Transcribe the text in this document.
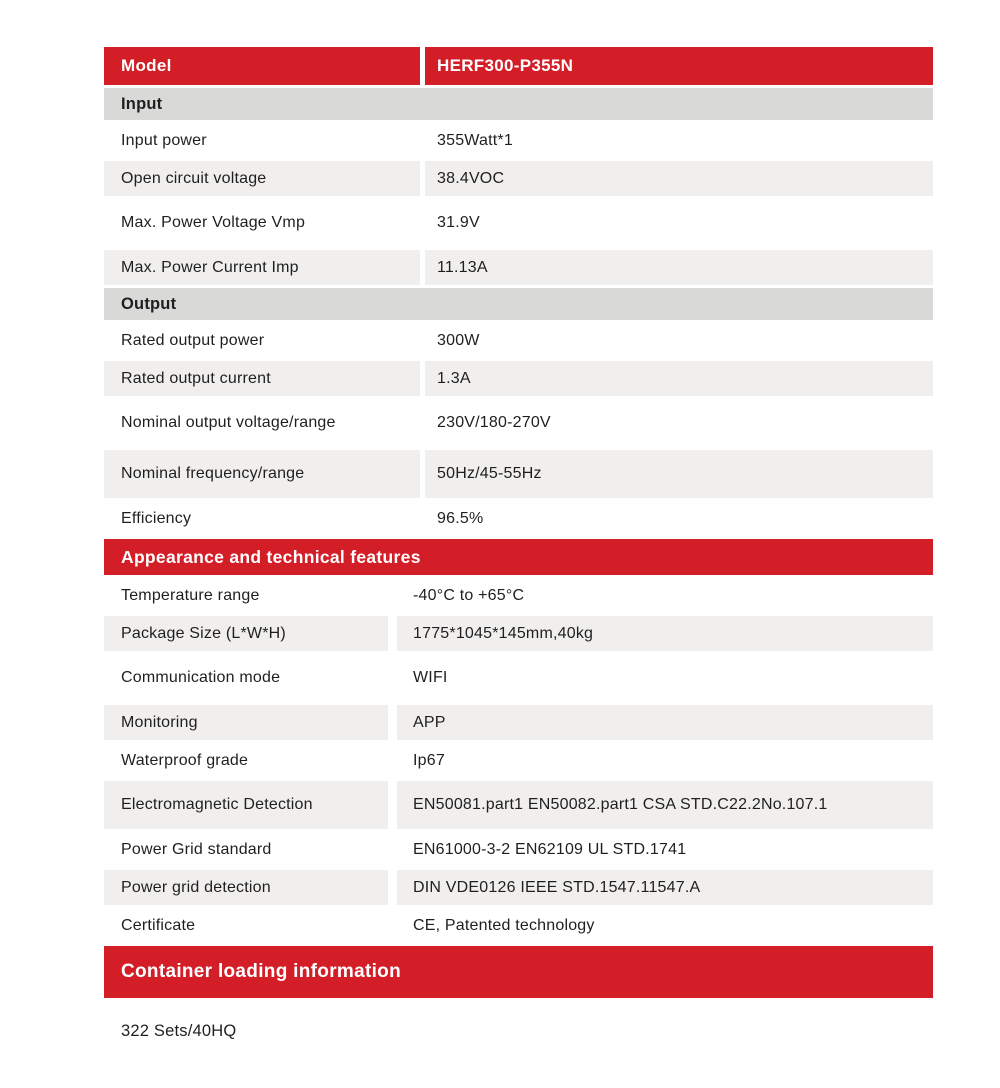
Model	HERF300-P355N
Input
Input power	355Watt*1
Open circuit voltage	38.4VOC
Max. Power Voltage Vmp	31.9V
Max. Power Current Imp	11.13A
Output
Rated output power	300W
Rated output current	1.3A
Nominal output voltage/range	230V/180-270V
Nominal frequency/range	50Hz/45-55Hz
Efficiency	96.5%
Appearance and technical features
Temperature range	-40°C to +65°C
Package Size (L*W*H)	1775*1045*145mm,40kg
Communication mode	WIFI
Monitoring	APP
Waterproof grade	Ip67
Electromagnetic Detection	EN50081.part1 EN50082.part1 CSA STD.C22.2No.107.1
Power Grid standard	EN61000-3-2 EN62109 UL STD.1741
Power grid detection	DIN VDE0126 IEEE STD.1547.11547.A
Certificate	CE, Patented technology
Container loading information
322 Sets/40HQ
